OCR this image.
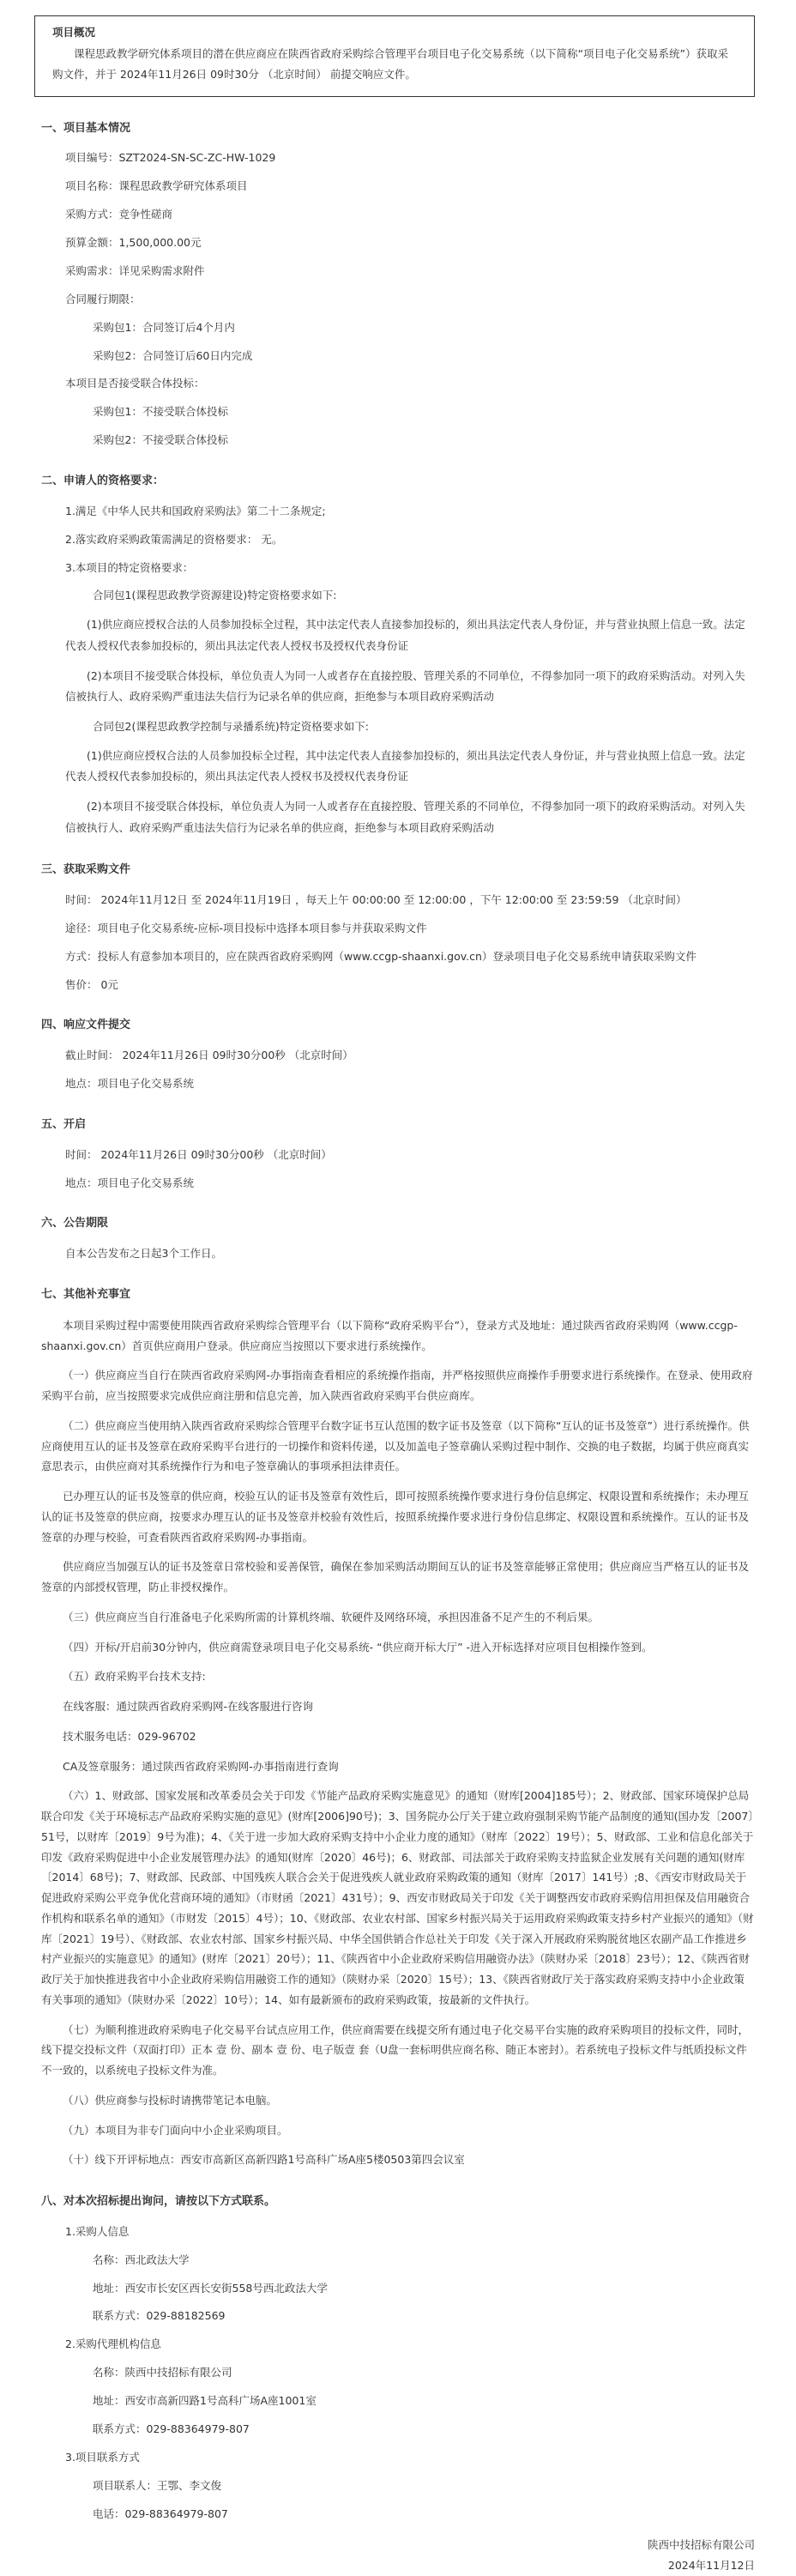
项目概况

课程思政教学研究体系项目的潜在供应商应在陕西省政府采购综合管理平台项目电子化交易系统（以下简称“项目电子化交易系统”）获取采购文件，并于 2024年11月26日 09时30分 （北京时间） 前提交响应文件。

一、项目基本情况
项目编号：SZT2024-SN-SC-ZC-HW-1029
项目名称：课程思政教学研究体系项目
采购方式：竞争性磋商
预算金额：1,500,000.00元
采购需求：详见采购需求附件
合同履行期限：
采购包1：合同签订后4个月内
采购包2：合同签订后60日内完成
本项目是否接受联合体投标：
采购包1：不接受联合体投标
采购包2：不接受联合体投标
二、申请人的资格要求：
1.满足《中华人民共和国政府采购法》第二十二条规定;
2.落实政府采购政策需满足的资格要求： 无。
3.本项目的特定资格要求：
合同包1(课程思政教学资源建设)特定资格要求如下:

(1)供应商应授权合法的人员参加投标全过程，其中法定代表人直接参加投标的，须出具法定代表人身份证，并与营业执照上信息一致。法定代表人授权代表参加投标的，须出具法定代表人授权书及授权代表身份证

(2)本项目不接受联合体投标，单位负责人为同一人或者存在直接控股、管理关系的不同单位，不得参加同一项下的政府采购活动。对列入失信被执行人、政府采购严重违法失信行为记录名单的供应商，拒绝参与本项目政府采购活动

合同包2(课程思政教学控制与录播系统)特定资格要求如下:

(1)供应商应授权合法的人员参加投标全过程，其中法定代表人直接参加投标的，须出具法定代表人身份证，并与营业执照上信息一致。法定代表人授权代表参加投标的，须出具法定代表人授权书及授权代表身份证

(2)本项目不接受联合体投标，单位负责人为同一人或者存在直接控股、管理关系的不同单位，不得参加同一项下的政府采购活动。对列入失信被执行人、政府采购严重违法失信行为记录名单的供应商，拒绝参与本项目政府采购活动

三、获取采购文件
时间： 2024年11月12日 至 2024年11月19日 ，每天上午 00:00:00 至 12:00:00 ，下午 12:00:00 至 23:59:59 （北京时间）
途径：项目电子化交易系统-应标-项目投标中选择本项目参与并获取采购文件
方式：投标人有意参加本项目的，应在陕西省政府采购网（www.ccgp-shaanxi.gov.cn）登录项目电子化交易系统申请获取采购文件
售价： 0元
四、响应文件提交
截止时间： 2024年11月26日 09时30分00秒 （北京时间）
地点：项目电子化交易系统
五、开启
时间： 2024年11月26日 09时30分00秒 （北京时间）
地点：项目电子化交易系统
六、公告期限
自本公告发布之日起3个工作日。
七、其他补充事宜

本项目采购过程中需要使用陕西省政府采购综合管理平台（以下简称“政府采购平台”），登录方式及地址：通过陕西省政府采购网（www.ccgp-shaanxi.gov.cn）首页供应商用户登录。供应商应当按照以下要求进行系统操作。

（一）供应商应当自行在陕西省政府采购网-办事指南查看相应的系统操作指南，并严格按照供应商操作手册要求进行系统操作。在登录、使用政府采购平台前，应当按照要求完成供应商注册和信息完善，加入陕西省政府采购平台供应商库。

（二）供应商应当使用纳入陕西省政府采购综合管理平台数字证书互认范围的数字证书及签章（以下简称“互认的证书及签章”）进行系统操作。供应商使用互认的证书及签章在政府采购平台进行的一切操作和资料传递，以及加盖电子签章确认采购过程中制作、交换的电子数据，均属于供应商真实意思表示，由供应商对其系统操作行为和电子签章确认的事项承担法律责任。

已办理互认的证书及签章的供应商，校验互认的证书及签章有效性后，即可按照系统操作要求进行身份信息绑定、权限设置和系统操作；未办理互认的证书及签章的供应商，按要求办理互认的证书及签章并校验有效性后，按照系统操作要求进行身份信息绑定、权限设置和系统操作。互认的证书及签章的办理与校验，可查看陕西省政府采购网-办事指南。

供应商应当加强互认的证书及签章日常校验和妥善保管，确保在参加采购活动期间互认的证书及签章能够正常使用；供应商应当严格互认的证书及签章的内部授权管理，防止非授权操作。

（三）供应商应当自行准备电子化采购所需的计算机终端、软硬件及网络环境，承担因准备不足产生的不利后果。

（四）开标/开启前30分钟内，供应商需登录项目电子化交易系统- “供应商开标大厅” -进入开标选择对应项目包相操作签到。

（五）政府采购平台技术支持:

在线客服：通过陕西省政府采购网-在线客服进行咨询

技术服务电话：029-96702

CA及签章服务：通过陕西省政府采购网-办事指南进行查询

（六）1、财政部、国家发展和改革委员会关于印发《节能产品政府采购实施意见》的通知（财库[2004]185号）；2、财政部、国家环境保护总局联合印发《关于环境标志产品政府采购实施的意见》(财库[2006]90号)；3、国务院办公厅关于建立政府强制采购节能产品制度的通知(国办发〔2007〕51号，以财库〔2019〕9号为准)；4、《关于进一步加大政府采购支持中小企业力度的通知》（财库〔2022〕19号）；5、财政部、工业和信息化部关于印发《政府采购促进中小企业发展管理办法》的通知(财库〔2020〕46号)；6、财政部、司法部关于政府采购支持监狱企业发展有关问题的通知(财库〔2014〕68号)；7、财政部、民政部、中国残疾人联合会关于促进残疾人就业政府采购政策的通知（财库〔2017〕141号）;8、《西安市财政局关于促进政府采购公平竞争优化营商环境的通知》（市财函〔2021〕431号）；9、西安市财政局关于印发《关于调整西安市政府采购信用担保及信用融资合作机构和联系名单的通知》（市财发〔2015〕4号）；10、《财政部、农业农村部、国家乡村振兴局关于运用政府采购政策支持乡村产业振兴的通知》（财库〔2021〕19号）、《财政部、农业农村部、国家乡村振兴局、中华全国供销合作总社关于印发《关于深入开展政府采购脱贫地区农副产品工作推进乡村产业振兴的实施意见》的通知》(财库〔2021〕20号）；11、《陕西省中小企业政府采购信用融资办法》（陕财办采〔2018〕23号）；12、《陕西省财政厅关于加快推进我省中小企业政府采购信用融资工作的通知》（陕财办采〔2020〕15号）；13、《陕西省财政厅关于落实政府采购支持中小企业政策有关事项的通知》（陕财办采〔2022〕10号）；14、如有最新颁布的政府采购政策，按最新的文件执行。

（七）为顺利推进政府采购电子化交易平台试点应用工作，供应商需要在线提交所有通过电子化交易平台实施的政府采购项目的投标文件，同时，线下提交投标文件（双面打印）正本 壹 份、副本 壹 份、电子版壹 套（U盘一套标明供应商名称、随正本密封）。若系统电子投标文件与纸质投标文件不一致的，以系统电子投标文件为准。

（八）供应商参与投标时请携带笔记本电脑。

（九）本项目为非专门面向中小企业采购项目。

（十）线下开评标地点：西安市高新区高新四路1号高科广场A座5楼0503第四会议室

八、对本次招标提出询问，请按以下方式联系。
1.采购人信息
名称：西北政法大学
地址：西安市长安区西长安街558号西北政法大学
联系方式：029-88182569
2.采购代理机构信息
名称：陕西中技招标有限公司
地址：西安市高新四路1号高科广场A座1001室
联系方式：029-88364979-807
3.项目联系方式
项目联系人：王鄂、李文俊
电话：029-88364979-807

陕西中技招标有限公司

2024年11月12日
